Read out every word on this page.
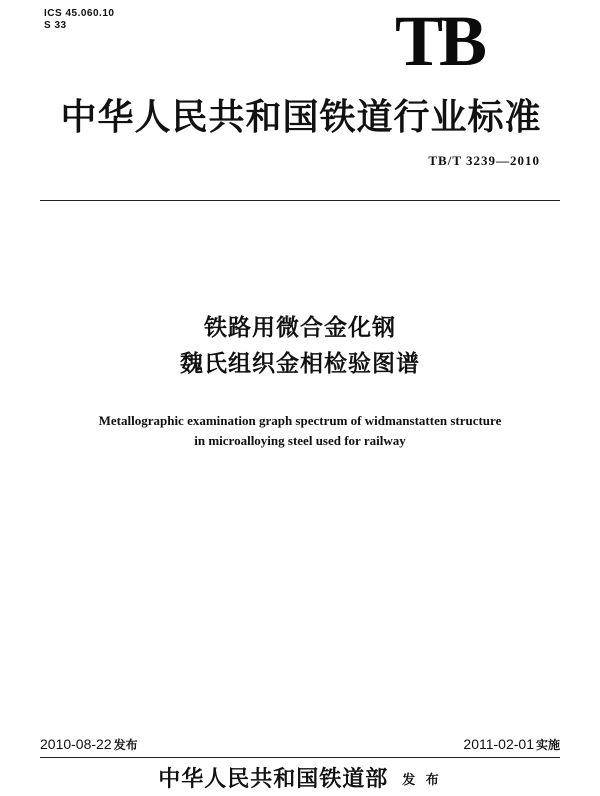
ICS 45.060.10
S 33	TB
中华人民共和国铁道行业标准
TB/T 3239—2010
铁路用微合金化钢
魏氏组织金相检验图谱
Metallographic examination graph spectrum of widmanstatten structure
in microalloying steel used for railway
2010-08-22 发布	2011-02-01 实施
中华人民共和国铁道部 发 布
